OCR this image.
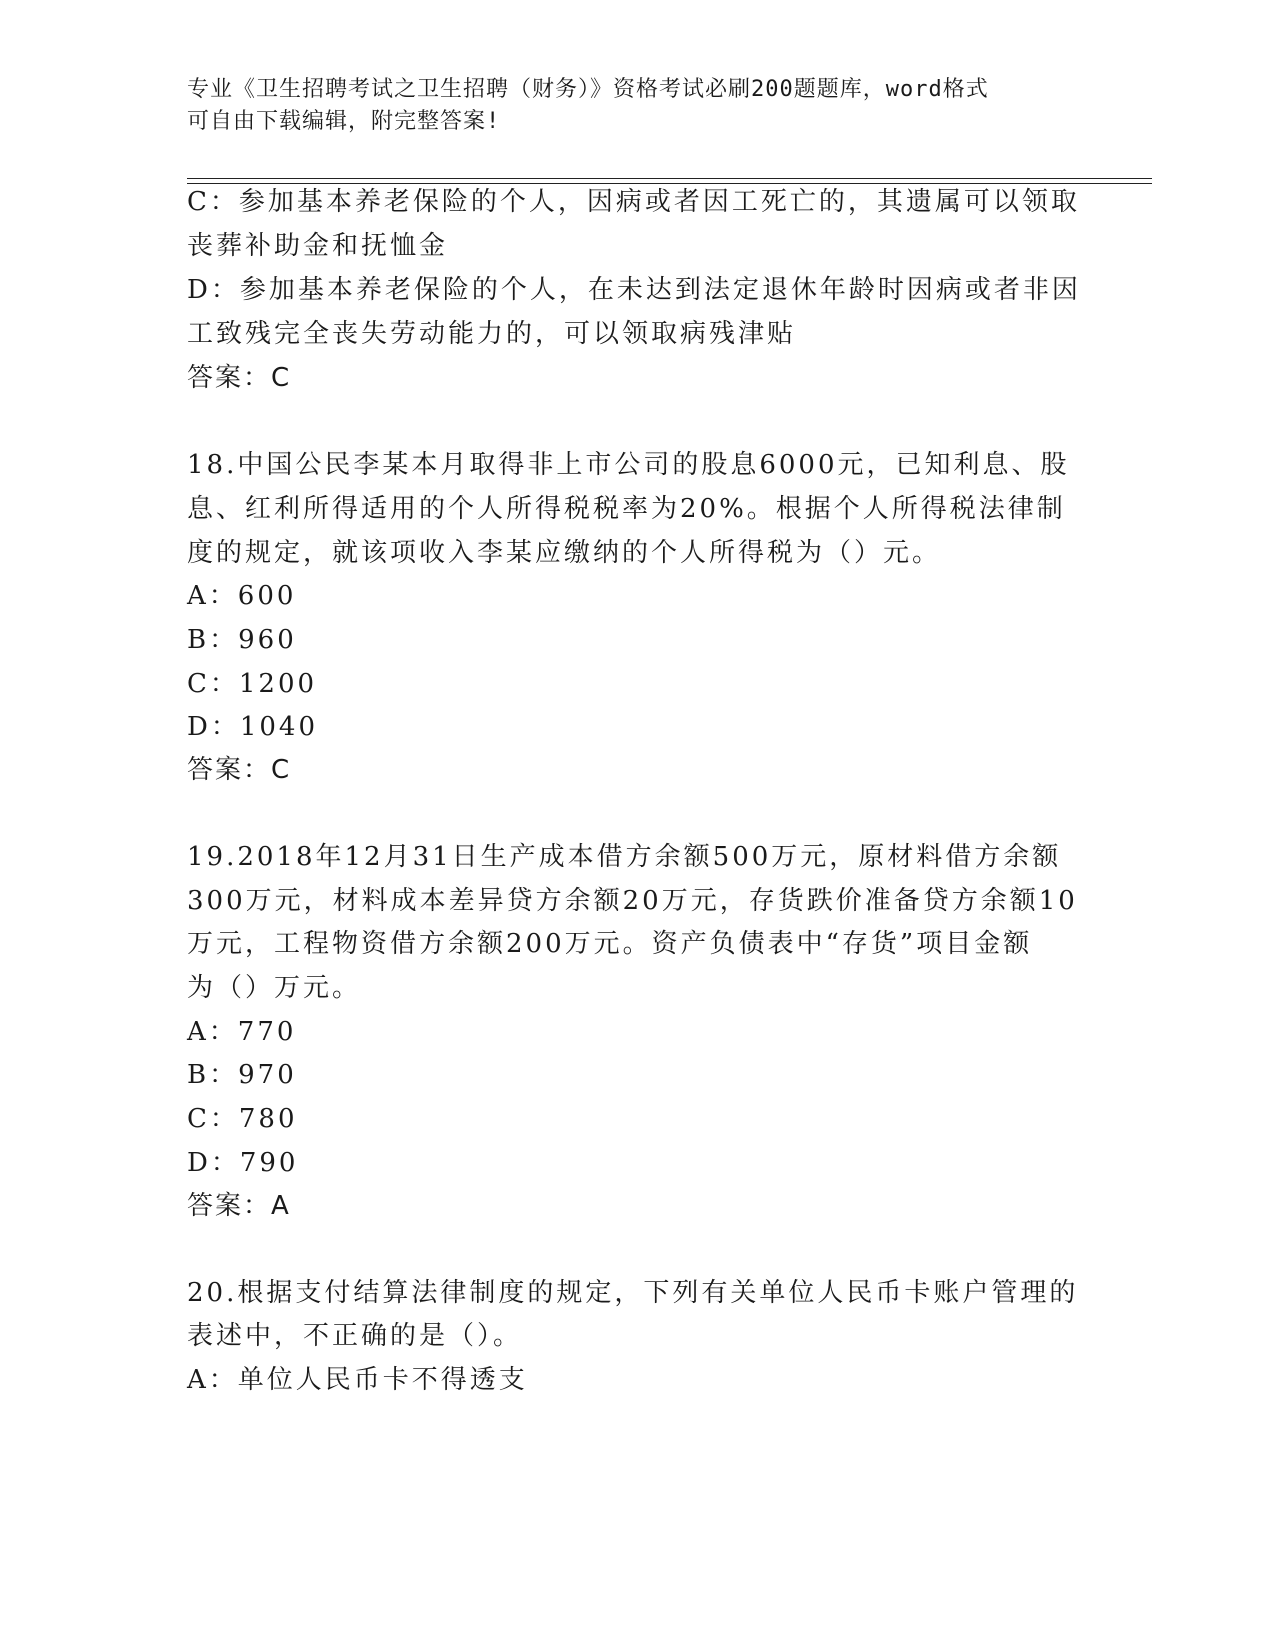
专业《卫生招聘考试之卫生招聘（财务）》资格考试必刷200题题库，word格式
可自由下载编辑，附完整答案!
C：参加基本养老保险的个人，因病或者因工死亡的，其遗属可以领取
丧葬补助金和抚恤金
D：参加基本养老保险的个人，在未达到法定退休年龄时因病或者非因
工致残完全丧失劳动能力的，可以领取病残津贴
答案：C
18.中国公民李某本月取得非上市公司的股息6000元，已知利息、股
息、红利所得适用的个人所得税税率为20%。根据个人所得税法律制
度的规定，就该项收入李某应缴纳的个人所得税为（）元。
A：600
B：960
C：1200
D：1040
答案：C
19.2018年12月31日生产成本借方余额500万元，原材料借方余额
300万元，材料成本差异贷方余额20万元，存货跌价准备贷方余额10
万元，工程物资借方余额200万元。资产负债表中“存货”项目金额
为（）万元。
A：770
B：970
C：780
D：790
答案：A
20.根据支付结算法律制度的规定，下列有关单位人民币卡账户管理的
表述中，不正确的是（）。
A：单位人民币卡不得透支
